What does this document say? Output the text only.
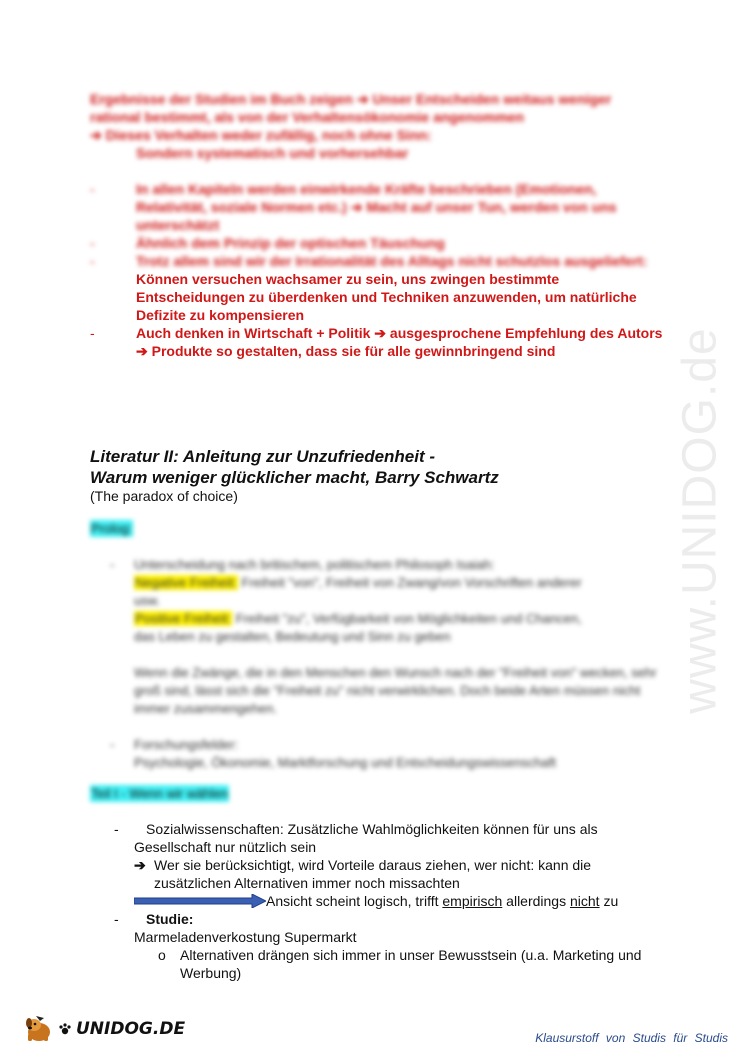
www.UNIDOG.de

Ergebnisse der Studien im Buch zeigen ➔ Unser Entscheiden weitaus weniger

rational bestimmt, als von der Verhaltensökonomie angenommen

➔ Dieses Verhalten weder zufällig, noch ohne Sinn:

Sondern systematisch und vorhersehbar

-	In allen Kapiteln werden einwirkende Kräfte beschrieben (Emotionen, Relativität, soziale Normen etc.) ➔ Macht auf unser Tun, werden von uns unterschätzt
-	Ähnlich dem Prinzip der optischen Täuschung
-	Trotz allem sind wir der Irrationalität des Alltags nicht schutzlos ausgeliefert:
Können versuchen wachsamer zu sein, uns zwingen bestimmte Entscheidungen zu überdenken und Techniken anzuwenden, um natürliche Defizite zu kompensieren
-	Auch denken in Wirtschaft + Politik ➔ ausgesprochene Empfehlung des Autors ➔ Produkte so gestalten, dass sie für alle gewinnbringend sind
Literatur II: Anleitung zur Unzufriedenheit -
Warum weniger glücklicher macht, Barry Schwartz
(The paradox of choice)
Prolog:
-	Unterscheidung nach britischem, politischem Philosoph Isaiah:
Negative Freiheit: Freiheit "von", Freiheit von Zwang/von Vorschriften anderer
usw.
Positive Freiheit: Freiheit "zu", Verfügbarkeit von Möglichkeiten und Chancen,
das Leben zu gestalten, Bedeutung und Sinn zu geben
Wenn die Zwänge, die in den Menschen den Wunsch nach der "Freiheit von" wecken, sehr groß sind, lässt sich die "Freiheit zu" nicht verwirklichen. Doch beide Arten müssen nicht immer zusammengehen.
-	Forschungsfelder:
Psychologie, Ökonomie, Marktforschung und Entscheidungswissenschaft
Teil I - Wenn wir wählen
-	Sozialwissenschaften: Zusätzliche Wahlmöglichkeiten können für uns als
Gesellschaft nur nützlich sein
➔ Wer sie berücksichtigt, wird Vorteile daraus ziehen, wer nicht: kann die
zusätzlichen Alternativen immer noch missachten
Ansicht scheint logisch, trifft empirisch allerdings nicht zu
-	Studie:
Marmeladenverkostung Supermarkt
o	Alternativen drängen sich immer in unser Bewusstsein (u.a. Marketing und Werbung)
UNIDOG.DE	Klausurstoff von Studis für Studis
